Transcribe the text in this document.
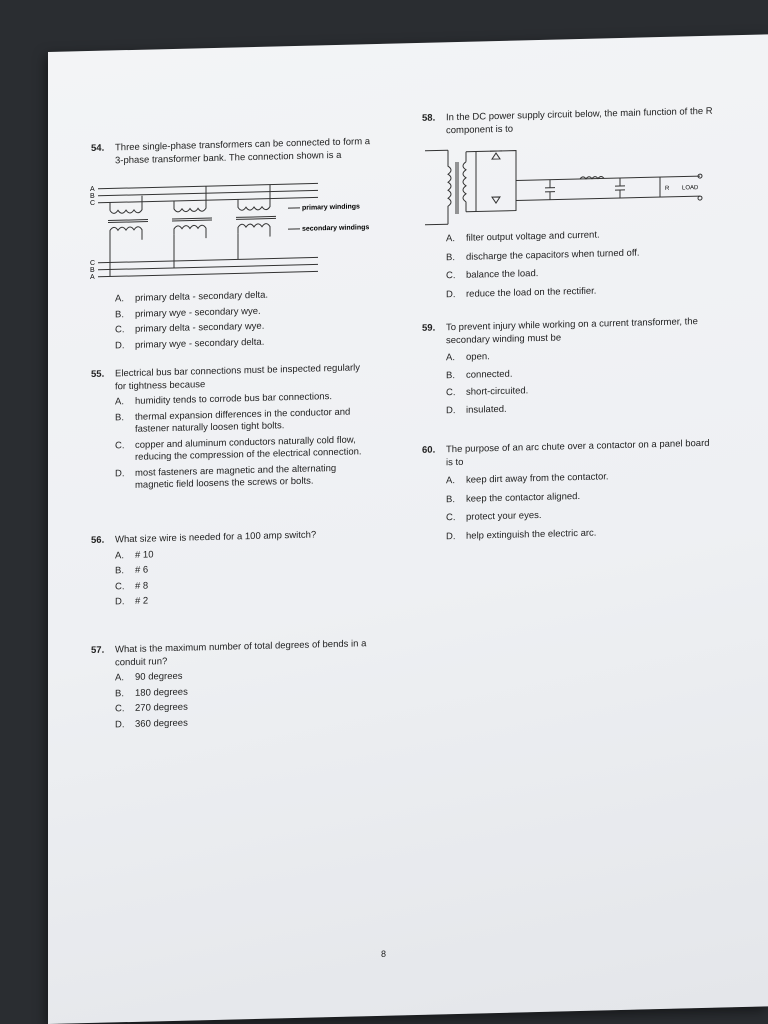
54. Three single-phase transformers can be connected to form a 3-phase transformer bank. The connection shown is a
A
B
C
C
B
A
primary windings
secondary windings
A. primary delta - secondary delta.
B. primary wye - secondary wye.
C. primary delta - secondary wye.
D. primary wye - secondary delta.
55. Electrical bus bar connections must be inspected regularly for tightness because
A. humidity tends to corrode bus bar connections.
B. thermal expansion differences in the conductor and fastener naturally loosen tight bolts.
C. copper and aluminum conductors naturally cold flow, reducing the compression of the electrical connection.
D. most fasteners are magnetic and the alternating magnetic field loosens the screws or bolts.
56. What size wire is needed for a 100 amp switch?
A. # 10
B. # 6
C. # 8
D. # 2
57. What is the maximum number of total degrees of bends in a conduit run?
A. 90 degrees
B. 180 degrees
C. 270 degrees
D. 360 degrees
58. In the DC power supply circuit below, the main function of the R component is to
R LOAD
A. filter output voltage and current.
B. discharge the capacitors when turned off.
C. balance the load.
D. reduce the load on the rectifier.
59. To prevent injury while working on a current transformer, the secondary winding must be
A. open.
B. connected.
C. short-circuited.
D. insulated.
60. The purpose of an arc chute over a contactor on a panel board is to
A. keep dirt away from the contactor.
B. keep the contactor aligned.
C. protect your eyes.
D. help extinguish the electric arc.
8
